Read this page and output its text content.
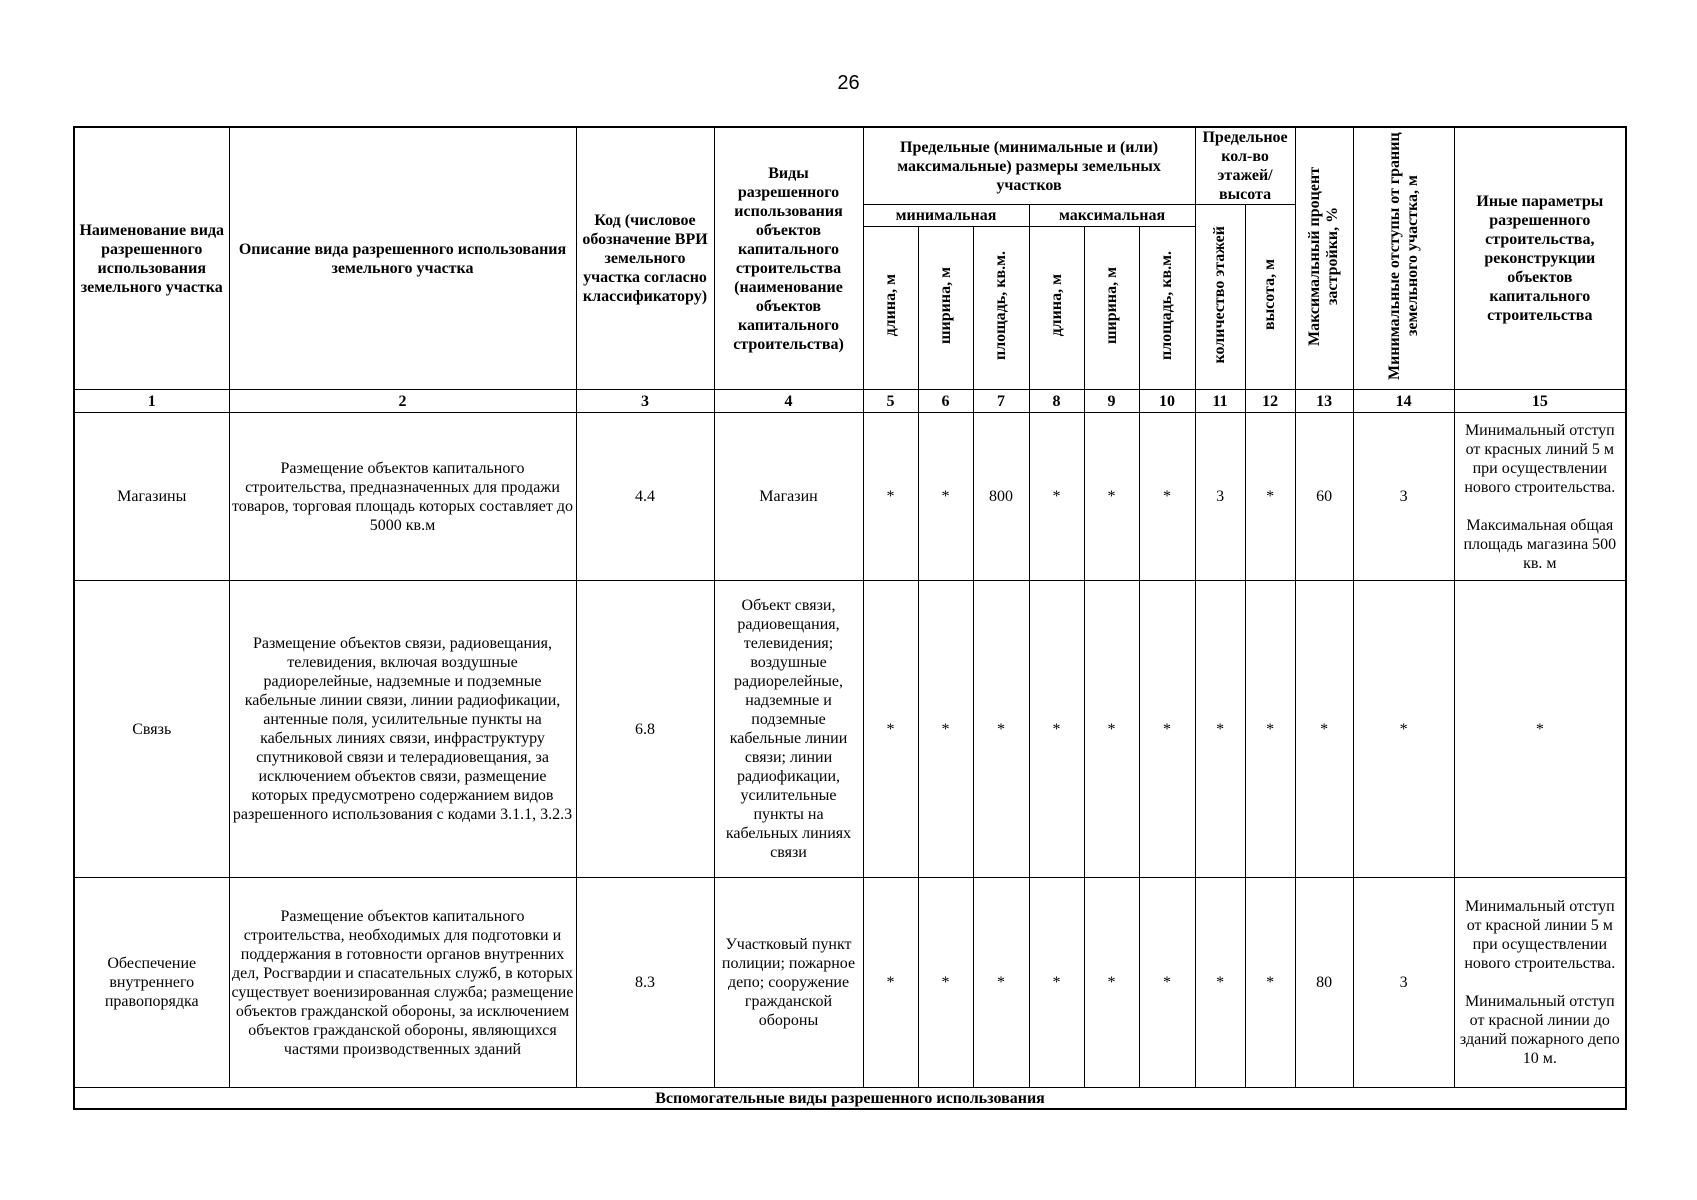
26
Наименование вида разрешенного использования земельного участка	Описание вида разрешенного использования земельного участка	Код (числовое обозначение ВРИ земельного участка согласно классификатору)	Виды разрешенного использования объектов капитального строительства (наименование объектов капитального строительства)	Предельные (минимальные и (или) максимальные) размеры земельных участков						Предельное кол-во этажей/ высота		Максимальный процент застройки, %	Минимальные отступы от границ земельного участка, м	Иные параметры разрешенного строительства, реконструкции объектов капитального строительства
				минимальная			максимальная			количество этажей	высота, м			
				длина, м	ширина, м	площадь, кв.м.	длина, м	ширина, м	площадь, кв.м.					
1	2	3	4	5	6	7	8	9	10	11	12	13	14	15
Магазины	Размещение объектов капитального строительства, предназначенных для продажи товаров, торговая площадь которых составляет до 5000 кв.м	4.4	Магазин	*	*	800	*	*	*	3	*	60	3	Минимальный отступ от красных линий 5 м при осуществлении нового строительства.

Максимальная общая площадь магазина 500 кв. м
Связь	Размещение объектов связи, радиовещания, телевидения, включая воздушные радиорелейные, надземные и подземные кабельные линии связи, линии радиофикации, антенные поля, усилительные пункты на кабельных линиях связи, инфраструктуру спутниковой связи и телерадиовещания, за исключением объектов связи, размещение которых предусмотрено содержанием видов разрешенного использования с кодами 3.1.1, 3.2.3	6.8	Объект связи, радиовещания, телевидения; воздушные радиорелейные, надземные и подземные кабельные линии связи; линии радиофикации, усилительные пункты на кабельных линиях связи	*	*	*	*	*	*	*	*	*	*	*
Обеспечение внутреннего правопорядка	Размещение объектов капитального строительства, необходимых для подготовки и поддержания в готовности органов внутренних дел, Росгвардии и спасательных служб, в которых существует военизированная служба; размещение объектов гражданской обороны, за исключением объектов гражданской обороны, являющихся частями производственных зданий	8.3	Участковый пункт полиции; пожарное депо; сооружение гражданской обороны	*	*	*	*	*	*	*	*	80	3	Минимальный отступ от красной линии 5 м при осуществлении нового строительства.

Минимальный отступ от красной линии до зданий пожарного депо 10 м.
Вспомогательные виды разрешенного использования														
